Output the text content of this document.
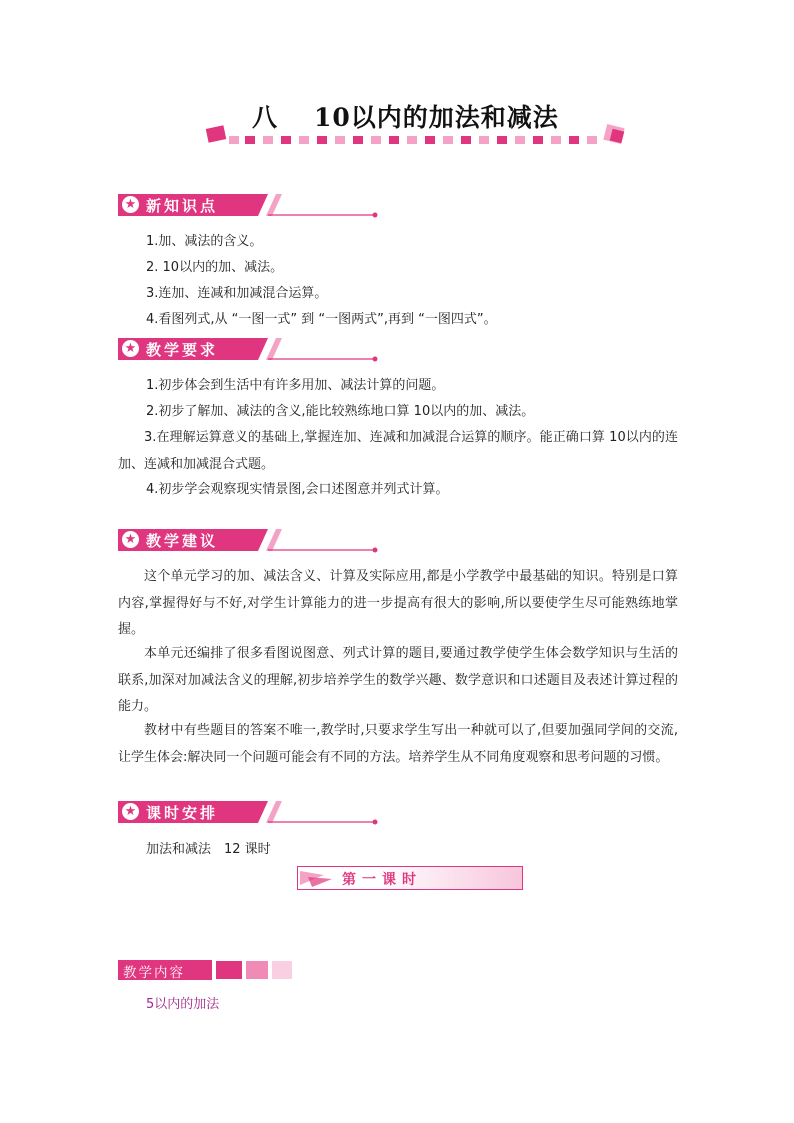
八 10以内的加法和减法
★ 新知识点
1.加、减法的含义。
2. 10以内的加、减法。
3.连加、连减和加减混合运算。
4.看图列式,从 “一图一式” 到 “一图两式”,再到 “一图四式”。
★ 教学要求
1.初步体会到生活中有许多用加、减法计算的问题。
2.初步了解加、减法的含义,能比较熟练地口算 10以内的加、减法。
3.在理解运算意义的基础上,掌握连加、连减和加减混合运算的顺序。能正确口算 10以内的连加、连减和加减混合式题。
4.初步学会观察现实情景图,会口述图意并列式计算。
★ 教学建议
这个单元学习的加、减法含义、计算及实际应用,都是小学教学中最基础的知识。特别是口算内容,掌握得好与不好,对学生计算能力的进一步提高有很大的影响,所以要使学生尽可能熟练地掌握。
本单元还编排了很多看图说图意、列式计算的题目,要通过教学使学生体会数学知识与生活的联系,加深对加减法含义的理解,初步培养学生的数学兴趣、数学意识和口述题目及表述计算过程的能力。
教材中有些题目的答案不唯一,教学时,只要求学生写出一种就可以了,但要加强同学间的交流,让学生体会:解决同一个问题可能会有不同的方法。培养学生从不同角度观察和思考问题的习惯。
★ 课时安排
加法和减法　12 课时
第一课时
教学内容
5以内的加法
